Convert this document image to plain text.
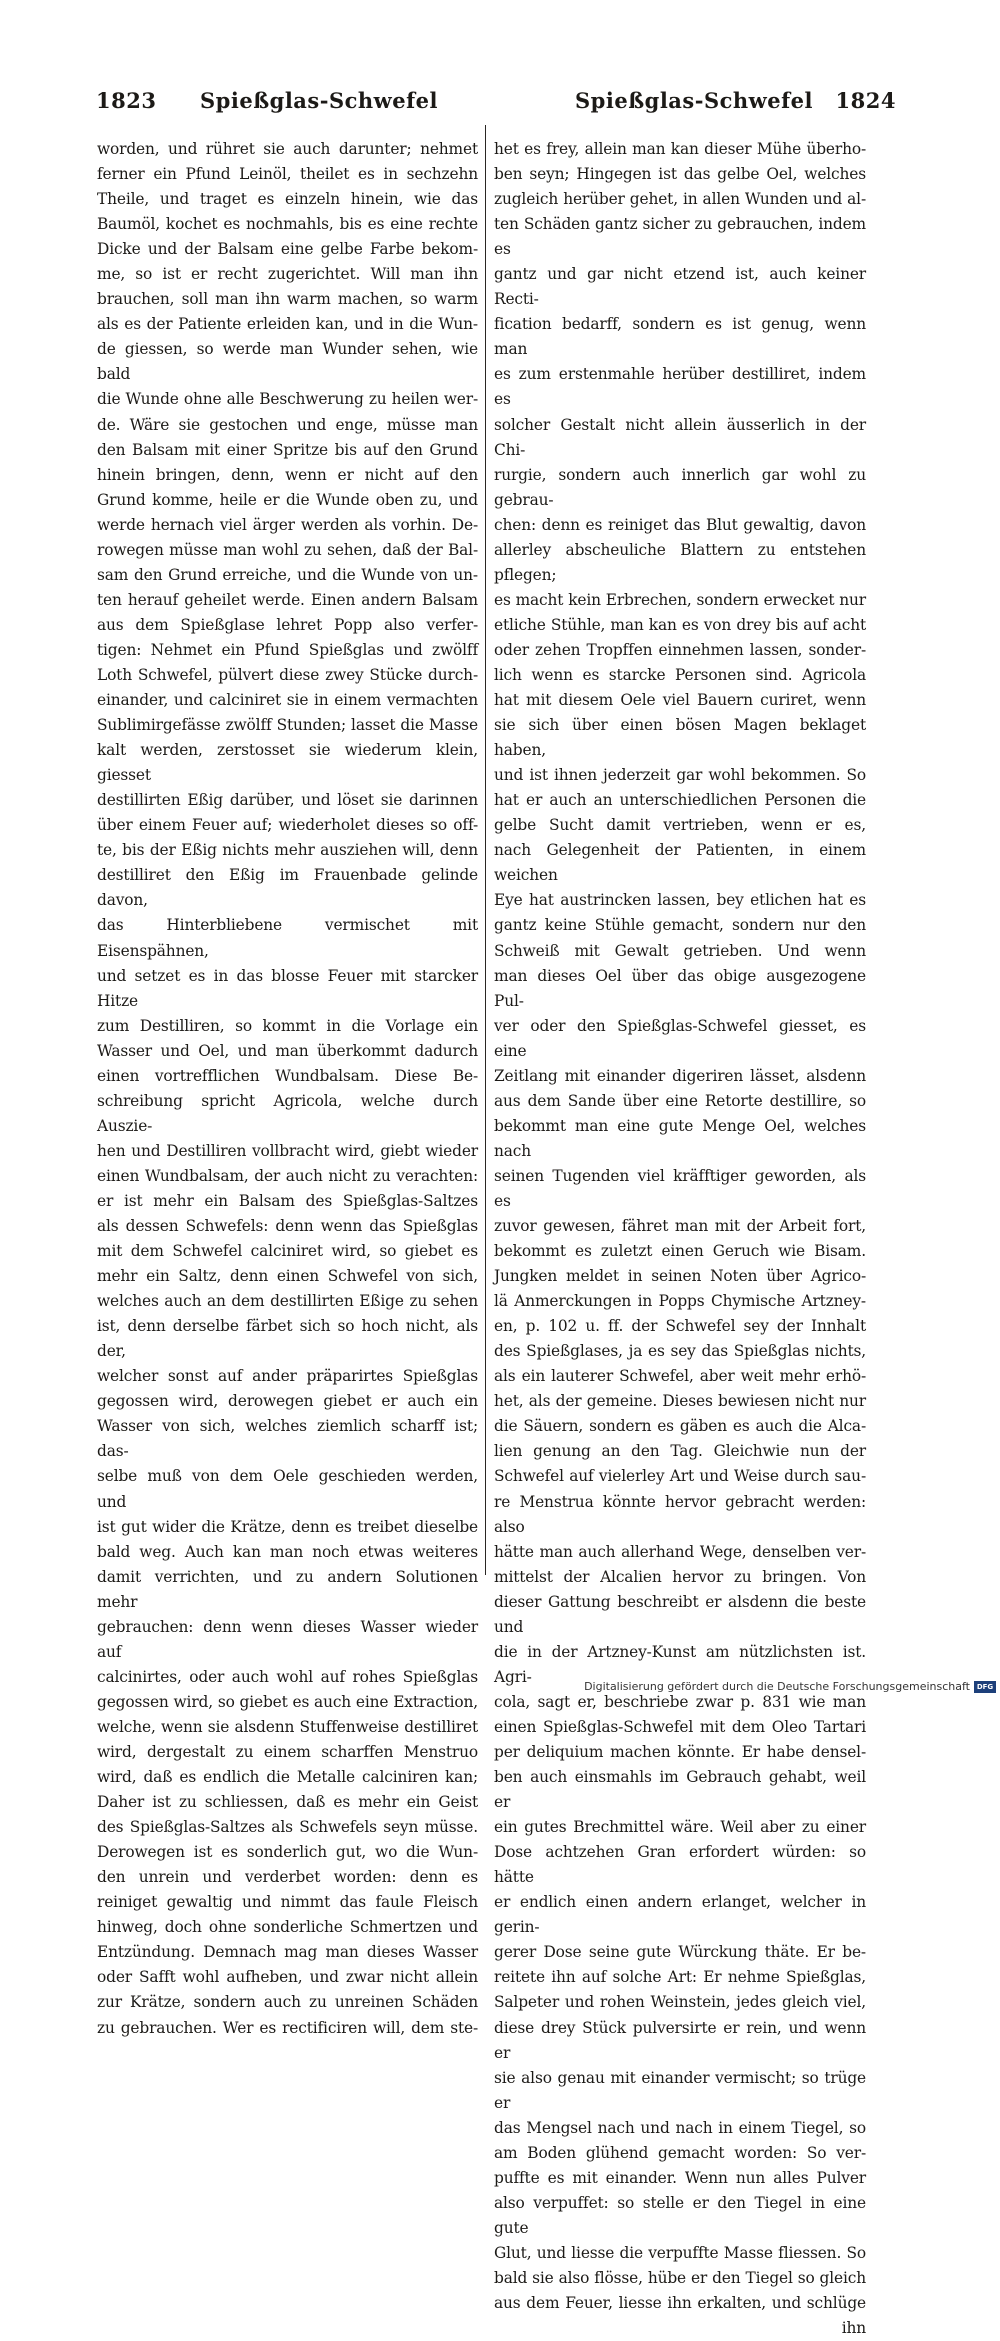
1823 Spießglas-Schwefel	Spießglas-Schwefel 1824
worden, und rühret sie auch darunter; nehmet
ferner ein Pfund Leinöl, theilet es in sechzehn
Theile, und traget es einzeln hinein, wie das
Baumöl, kochet es nochmahls, bis es eine rechte
Dicke und der Balsam eine gelbe Farbe bekom-
me, so ist er recht zugerichtet. Will man ihn
brauchen, soll man ihn warm machen, so warm
als es der Patiente erleiden kan, und in die Wun-
de giessen, so werde man Wunder sehen, wie bald
die Wunde ohne alle Beschwerung zu heilen wer-
de. Wäre sie gestochen und enge, müsse man
den Balsam mit einer Spritze bis auf den Grund
hinein bringen, denn, wenn er nicht auf den
Grund komme, heile er die Wunde oben zu, und
werde hernach viel ärger werden als vorhin. De-
rowegen müsse man wohl zu sehen, daß der Bal-
sam den Grund erreiche, und die Wunde von un-
ten herauf geheilet werde. Einen andern Balsam
aus dem Spießglase lehret Popp also verfer-
tigen: Nehmet ein Pfund Spießglas und zwölff
Loth Schwefel, pülvert diese zwey Stücke durch-
einander, und calciniret sie in einem vermachten
Sublimirgefässe zwölff Stunden; lasset die Masse
kalt werden, zerstosset sie wiederum klein, giesset
destillirten Eßig darüber, und löset sie darinnen
über einem Feuer auf; wiederholet dieses so off-
te, bis der Eßig nichts mehr ausziehen will, denn
destilliret den Eßig im Frauenbade gelinde davon,
das Hinterbliebene vermischet mit Eisenspähnen,
und setzet es in das blosse Feuer mit starcker Hitze
zum Destilliren, so kommt in die Vorlage ein
Wasser und Oel, und man überkommt dadurch
einen vortrefflichen Wundbalsam. Diese Be-
schreibung spricht Agricola, welche durch Auszie-
hen und Destilliren vollbracht wird, giebt wieder
einen Wundbalsam, der auch nicht zu verachten:
er ist mehr ein Balsam des Spießglas-Saltzes
als dessen Schwefels: denn wenn das Spießglas
mit dem Schwefel calciniret wird, so giebet es
mehr ein Saltz, denn einen Schwefel von sich,
welches auch an dem destillirten Eßige zu sehen
ist, denn derselbe färbet sich so hoch nicht, als der,
welcher sonst auf ander präparirtes Spießglas
gegossen wird, derowegen giebet er auch ein
Wasser von sich, welches ziemlich scharff ist; das-
selbe muß von dem Oele geschieden werden, und
ist gut wider die Krätze, denn es treibet dieselbe
bald weg. Auch kan man noch etwas weiteres
damit verrichten, und zu andern Solutionen mehr
gebrauchen: denn wenn dieses Wasser wieder auf
calcinirtes, oder auch wohl auf rohes Spießglas
gegossen wird, so giebet es auch eine Extraction,
welche, wenn sie alsdenn Stuffenweise destilliret
wird, dergestalt zu einem scharffen Menstruo
wird, daß es endlich die Metalle calciniren kan;
Daher ist zu schliessen, daß es mehr ein Geist
des Spießglas-Saltzes als Schwefels seyn müsse.
Derowegen ist es sonderlich gut, wo die Wun-
den unrein und verderbet worden: denn es
reiniget gewaltig und nimmt das faule Fleisch
hinweg, doch ohne sonderliche Schmertzen und
Entzündung. Demnach mag man dieses Wasser
oder Safft wohl aufheben, und zwar nicht allein
zur Krätze, sondern auch zu unreinen Schäden
zu gebrauchen. Wer es rectificiren will, dem ste-
het es frey, allein man kan dieser Mühe überho-
ben seyn; Hingegen ist das gelbe Oel, welches
zugleich herüber gehet, in allen Wunden und al-
ten Schäden gantz sicher zu gebrauchen, indem es
gantz und gar nicht etzend ist, auch keiner Recti-
fication bedarff, sondern es ist genug, wenn man
es zum erstenmahle herüber destilliret, indem es
solcher Gestalt nicht allein äusserlich in der Chi-
rurgie, sondern auch innerlich gar wohl zu gebrau-
chen: denn es reiniget das Blut gewaltig, davon
allerley abscheuliche Blattern zu entstehen pflegen;
es macht kein Erbrechen, sondern erwecket nur
etliche Stühle, man kan es von drey bis auf acht
oder zehen Tropffen einnehmen lassen, sonder-
lich wenn es starcke Personen sind. Agricola
hat mit diesem Oele viel Bauern curiret, wenn
sie sich über einen bösen Magen beklaget haben,
und ist ihnen jederzeit gar wohl bekommen. So
hat er auch an unterschiedlichen Personen die
gelbe Sucht damit vertrieben, wenn er es,
nach Gelegenheit der Patienten, in einem weichen
Eye hat austrincken lassen, bey etlichen hat es
gantz keine Stühle gemacht, sondern nur den
Schweiß mit Gewalt getrieben. Und wenn
man dieses Oel über das obige ausgezogene Pul-
ver oder den Spießglas-Schwefel giesset, es eine
Zeitlang mit einander digeriren lässet, alsdenn
aus dem Sande über eine Retorte destillire, so
bekommt man eine gute Menge Oel, welches nach
seinen Tugenden viel kräfftiger geworden, als es
zuvor gewesen, fähret man mit der Arbeit fort,
bekommt es zuletzt einen Geruch wie Bisam.
Jungken meldet in seinen Noten über Agrico-
lä Anmerckungen in Popps Chymische Artzney-
en, p. 102 u. ff. der Schwefel sey der Innhalt
des Spießglases, ja es sey das Spießglas nichts,
als ein lauterer Schwefel, aber weit mehr erhö-
het, als der gemeine. Dieses bewiesen nicht nur
die Säuern, sondern es gäben es auch die Alca-
lien genung an den Tag. Gleichwie nun der
Schwefel auf vielerley Art und Weise durch sau-
re Menstrua könnte hervor gebracht werden: also
hätte man auch allerhand Wege, denselben ver-
mittelst der Alcalien hervor zu bringen. Von
dieser Gattung beschreibt er alsdenn die beste und
die in der Artzney-Kunst am nützlichsten ist. Agri-
cola, sagt er, beschriebe zwar p. 831 wie man
einen Spießglas-Schwefel mit dem Oleo Tartari
per deliquium machen könnte. Er habe densel-
ben auch einsmahls im Gebrauch gehabt, weil er
ein gutes Brechmittel wäre. Weil aber zu einer
Dose achtzehen Gran erfordert würden: so hätte
er endlich einen andern erlanget, welcher in gerin-
gerer Dose seine gute Würckung thäte. Er be-
reitete ihn auf solche Art: Er nehme Spießglas,
Salpeter und rohen Weinstein, jedes gleich viel,
diese drey Stück pulversirte er rein, und wenn er
sie also genau mit einander vermischt; so trüge er
das Mengsel nach und nach in einem Tiegel, so
am Boden glühend gemacht worden: So ver-
puffte es mit einander. Wenn nun alles Pulver
also verpuffet: so stelle er den Tiegel in eine gute
Glut, und liesse die verpuffte Masse fliessen. So
bald sie also flösse, hübe er den Tiegel so gleich
aus dem Feuer, liesse ihn erkalten, und schlüge
ihn
Digitalisierung gefördert durch die Deutsche Forschungsgemeinschaft DFG
